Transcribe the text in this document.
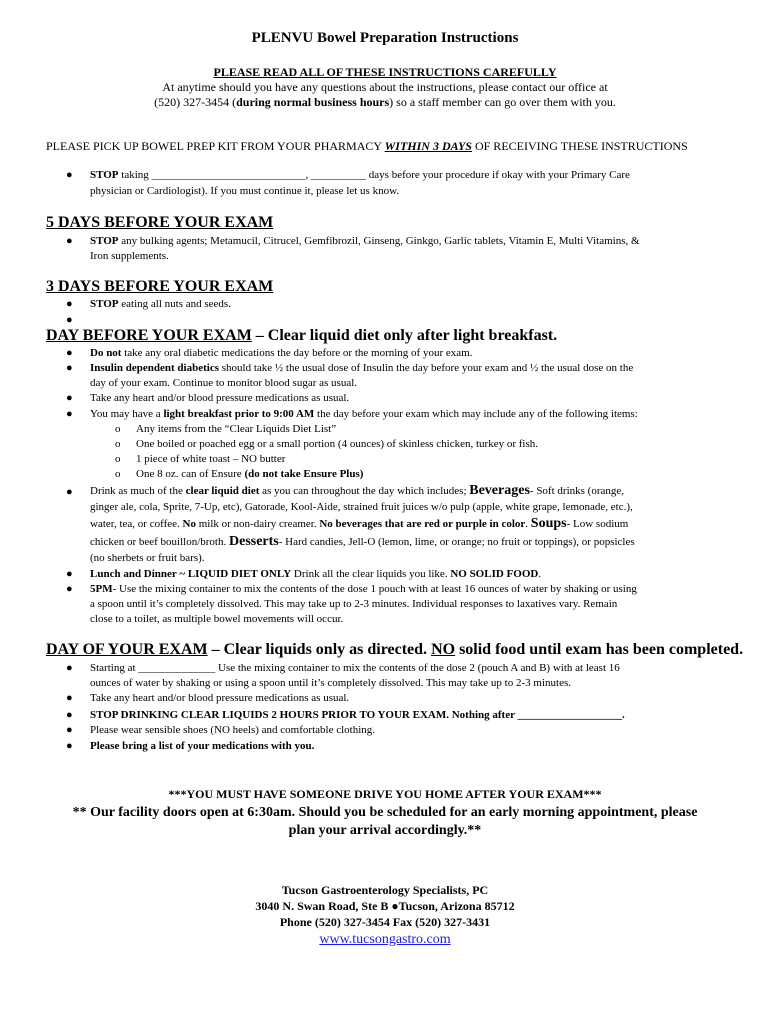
PLENVU Bowel Preparation Instructions
PLEASE READ ALL OF THESE INSTRUCTIONS CAREFULLY
At anytime should you have any questions about the instructions, please contact our office at
(520) 327-3454 (during normal business hours) so a staff member can go over them with you.
PLEASE PICK UP BOWEL PREP KIT FROM YOUR PHARMACY WITHIN 3 DAYS OF RECEIVING THESE INSTRUCTIONS
● STOP taking ____________________________, __________ days before your procedure if okay with your Primary Care
physician or Cardiologist). If you must continue it, please let us know.
5 DAYS BEFORE YOUR EXAM
● STOP any bulking agents; Metamucil, Citrucel, Gemfibrozil, Ginseng, Ginkgo, Garlic tablets, Vitamin E, Multi Vitamins, &
Iron supplements.
3 DAYS BEFORE YOUR EXAM
● STOP eating all nuts and seeds.
●
DAY BEFORE YOUR EXAM – Clear liquid diet only after light breakfast.
● Do not take any oral diabetic medications the day before or the morning of your exam.
● Insulin dependent diabetics should take ½ the usual dose of Insulin the day before your exam and ½ the usual dose on the
day of your exam. Continue to monitor blood sugar as usual.
● Take any heart and/or blood pressure medications as usual.
● You may have a light breakfast prior to 9:00 AM the day before your exam which may include any of the following items:
o Any items from the “Clear Liquids Diet List”
o One boiled or poached egg or a small portion (4 ounces) of skinless chicken, turkey or fish.
o 1 piece of white toast – NO butter
o One 8 oz. can of Ensure (do not take Ensure Plus)
● Drink as much of the clear liquid diet as you can throughout the day which includes; Beverages- Soft drinks (orange,
ginger ale, cola, Sprite, 7-Up, etc), Gatorade, Kool-Aide, strained fruit juices w/o pulp (apple, white grape, lemonade, etc.),
water, tea, or coffee. No milk or non-dairy creamer. No beverages that are red or purple in color. Soups- Low sodium
chicken or beef bouillon/broth. Desserts- Hard candies, Jell-O (lemon, lime, or orange; no fruit or toppings), or popsicles
(no sherbets or fruit bars).
● Lunch and Dinner ~ LIQUID DIET ONLY Drink all the clear liquids you like. NO SOLID FOOD.
● 5PM- Use the mixing container to mix the contents of the dose 1 pouch with at least 16 ounces of water by shaking or using
a spoon until it’s completely dissolved. This may take up to 2-3 minutes. Individual responses to laxatives vary. Remain
close to a toilet, as multiple bowel movements will occur.
DAY OF YOUR EXAM – Clear liquids only as directed. NO solid food until exam has been completed.
● Starting at ______________ Use the mixing container to mix the contents of the dose 2 (pouch A and B) with at least 16
ounces of water by shaking or using a spoon until it’s completely dissolved. This may take up to 2-3 minutes.
● Take any heart and/or blood pressure medications as usual.
● STOP DRINKING CLEAR LIQUIDS 2 HOURS PRIOR TO YOUR EXAM. Nothing after ___________________.
● Please wear sensible shoes (NO heels) and comfortable clothing.
● Please bring a list of your medications with you.
***YOU MUST HAVE SOMEONE DRIVE YOU HOME AFTER YOUR EXAM***
** Our facility doors open at 6:30am. Should you be scheduled for an early morning appointment, please
plan your arrival accordingly.**
Tucson Gastroenterology Specialists, PC
3040 N. Swan Road, Ste B ●Tucson, Arizona 85712
Phone (520) 327-3454 Fax (520) 327-3431
www.tucsongastro.com
